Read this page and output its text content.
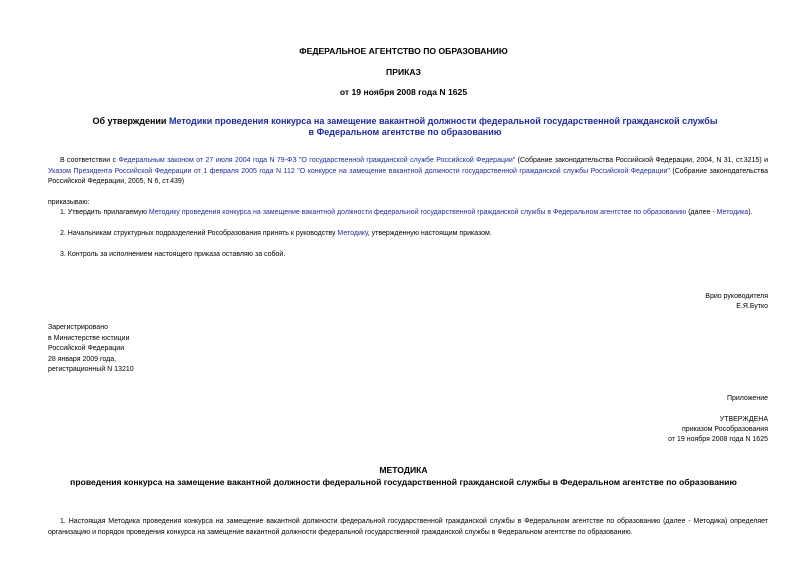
ФЕДЕРАЛЬНОЕ АГЕНТСТВО ПО ОБРАЗОВАНИЮ
ПРИКАЗ
от 19 ноября 2008 года N 1625
Об утверждении Методики проведения конкурса на замещение вакантной должности федеральной государственной гражданской службы в Федеральном агентстве по образованию
В соответствии с Федеральным законом от 27 июля 2004 года N 79-ФЗ "О государственной гражданской службе Российской Федерации" (Собрание законодательства Российской Федерации, 2004, N 31, ст.3215) и Указом Президента Российской Федерации от 1 февраля 2005 года N 112 "О конкурсе на замещение вакантной должности государственной гражданской службы Российской Федерации" (Собрание законодательства Российской Федерации, 2005, N 6, ст.439)
приказываю:
1. Утвердить прилагаемую Методику проведения конкурса на замещение вакантной должности федеральной государственной гражданской службы в Федеральном агентстве по образованию (далее - Методика).
2. Начальникам структурных подразделений Рособразования принять к руководству Методику, утвержденную настоящим приказом.
3. Контроль за исполнением настоящего приказа оставляю за собой.
Врио руководителя
Е.Я.Бутко
Зарегистрировано
в Министерстве юстиции
Российской Федерации
28 января 2009 года,
регистрационный N 13210
Приложение
УТВЕРЖДЕНА
приказом Рособразования
от 19 ноября 2008 года N 1625
МЕТОДИКА
проведения конкурса на замещение вакантной должности федеральной государственной гражданской службы в Федеральном агентстве по образованию
1. Настоящая Методика проведения конкурса на замещение вакантной должности федеральной государственной гражданской службы в Федеральном агентстве по образованию (далее - Методика) определяет организацию и порядок проведения конкурса на замещение вакантной должности федеральной государственной гражданской службы в Федеральном агентстве по образованию.
